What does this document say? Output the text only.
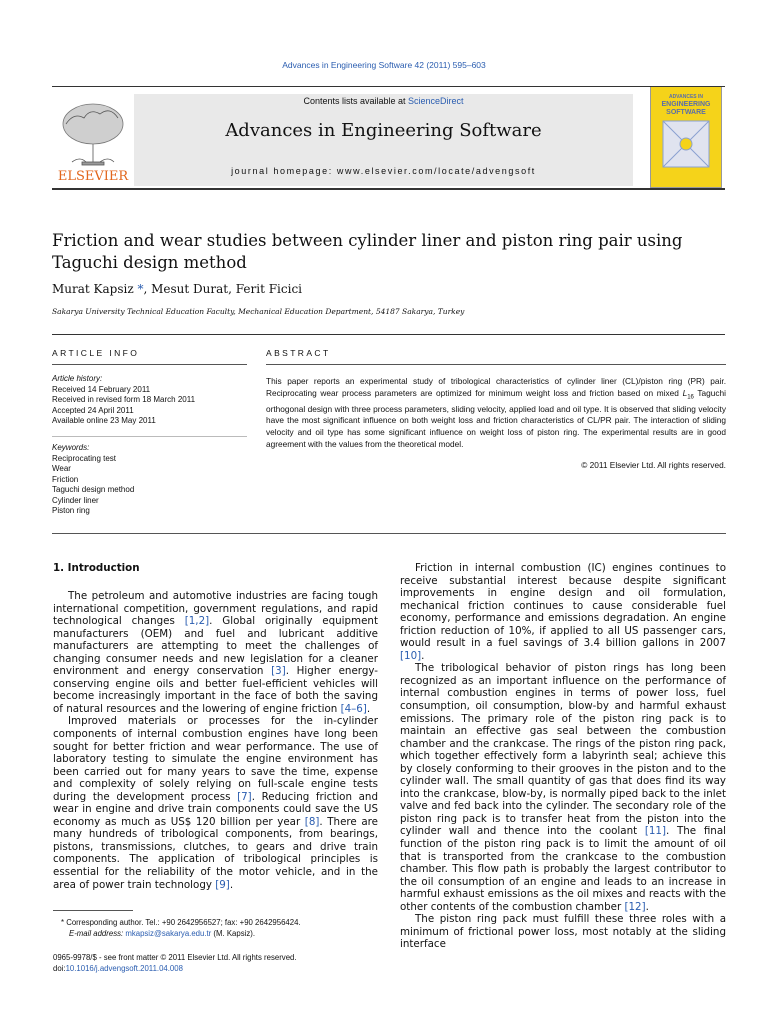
Advances in Engineering Software 42 (2011) 595–603
ELSEVIER
Contents lists available at ScienceDirect
Advances in Engineering Software
journal homepage: www.elsevier.com/locate/advengsoft
ADVANCES IN
ENGINEERING
SOFTWARE
Friction and wear studies between cylinder liner and piston ring pair using Taguchi design method
Murat Kapsiz *, Mesut Durat, Ferit Ficici
Sakarya University Technical Education Faculty, Mechanical Education Department, 54187 Sakarya, Turkey
ARTICLE INFO
Article history:
Received 14 February 2011
Received in revised form 18 March 2011
Accepted 24 April 2011
Available online 23 May 2011
Keywords:
Reciprocating test
Wear
Friction
Taguchi design method
Cylinder liner
Piston ring
ABSTRACT
This paper reports an experimental study of tribological characteristics of cylinder liner (CL)/piston ring (PR) pair. Reciprocating wear process parameters are optimized for minimum weight loss and friction based on mixed $L_{16}$ Taguchi orthogonal design with three process parameters, sliding velocity, applied load and oil type. It is observed that sliding velocity have the most significant influence on both weight loss and friction characteristics of CL/PR pair. The interaction of sliding velocity and oil type has some significant influence on weight loss of piston ring. The experimental results are in good agreement with the values from the theoretical model.
© 2011 Elsevier Ltd. All rights reserved.
1. Introduction

The petroleum and automotive industries are facing tough international competition, government regulations, and rapid technological changes [1,2]. Global originally equipment manufacturers (OEM) and fuel and lubricant additive manufacturers are attempting to meet the challenges of changing consumer needs and new legislation for a cleaner environment and energy conservation [3]. Higher energy-conserving engine oils and better fuel-efficient vehicles will become increasingly important in the face of both the saving of natural resources and the lowering of engine friction [4–6].

Improved materials or processes for the in-cylinder components of internal combustion engines have long been sought for better friction and wear performance. The use of laboratory testing to simulate the engine environment has been carried out for many years to save the time, expense and complexity of solely relying on full-scale engine tests during the development process [7]. Reducing friction and wear in engine and drive train components could save the US economy as much as US$ 120 billion per year [8]. There are many hundreds of tribological components, from bearings, pistons, transmissions, clutches, to gears and drive train components. The application of tribological principles is essential for the reliability of the motor vehicle, and in the area of power train technology [9].

Friction in internal combustion (IC) engines continues to receive substantial interest because despite significant improvements in engine design and oil formulation, mechanical friction continues to cause considerable fuel economy, performance and emissions degradation. An engine friction reduction of 10%, if applied to all US passenger cars, would result in a fuel savings of 3.4 billion gallons in 2007 [10].

The tribological behavior of piston rings has long been recognized as an important influence on the performance of internal combustion engines in terms of power loss, fuel consumption, oil consumption, blow-by and harmful exhaust emissions. The primary role of the piston ring pack is to maintain an effective gas seal between the combustion chamber and the crankcase. The rings of the piston ring pack, which together effectively form a labyrinth seal; achieve this by closely conforming to their grooves in the piston and to the cylinder wall. The small quantity of gas that does find its way into the crankcase, blow-by, is normally piped back to the inlet valve and fed back into the cylinder. The secondary role of the piston ring pack is to transfer heat from the piston into the cylinder wall and thence into the coolant [11]. The final function of the piston ring pack is to limit the amount of oil that is transported from the crankcase to the combustion chamber. This flow path is probably the largest contributor to the oil consumption of an engine and leads to an increase in harmful exhaust emissions as the oil mixes and reacts with the other contents of the combustion chamber [12].

The piston ring pack must fulfill these three roles with a minimum of frictional power loss, most notably at the sliding interface

* Corresponding author. Tel.: +90 2642956527; fax: +90 2642956424.
E-mail address: mkapsiz@sakarya.edu.tr (M. Kapsiz).
0965-9978/$ - see front matter © 2011 Elsevier Ltd. All rights reserved.
doi:10.1016/j.advengsoft.2011.04.008
